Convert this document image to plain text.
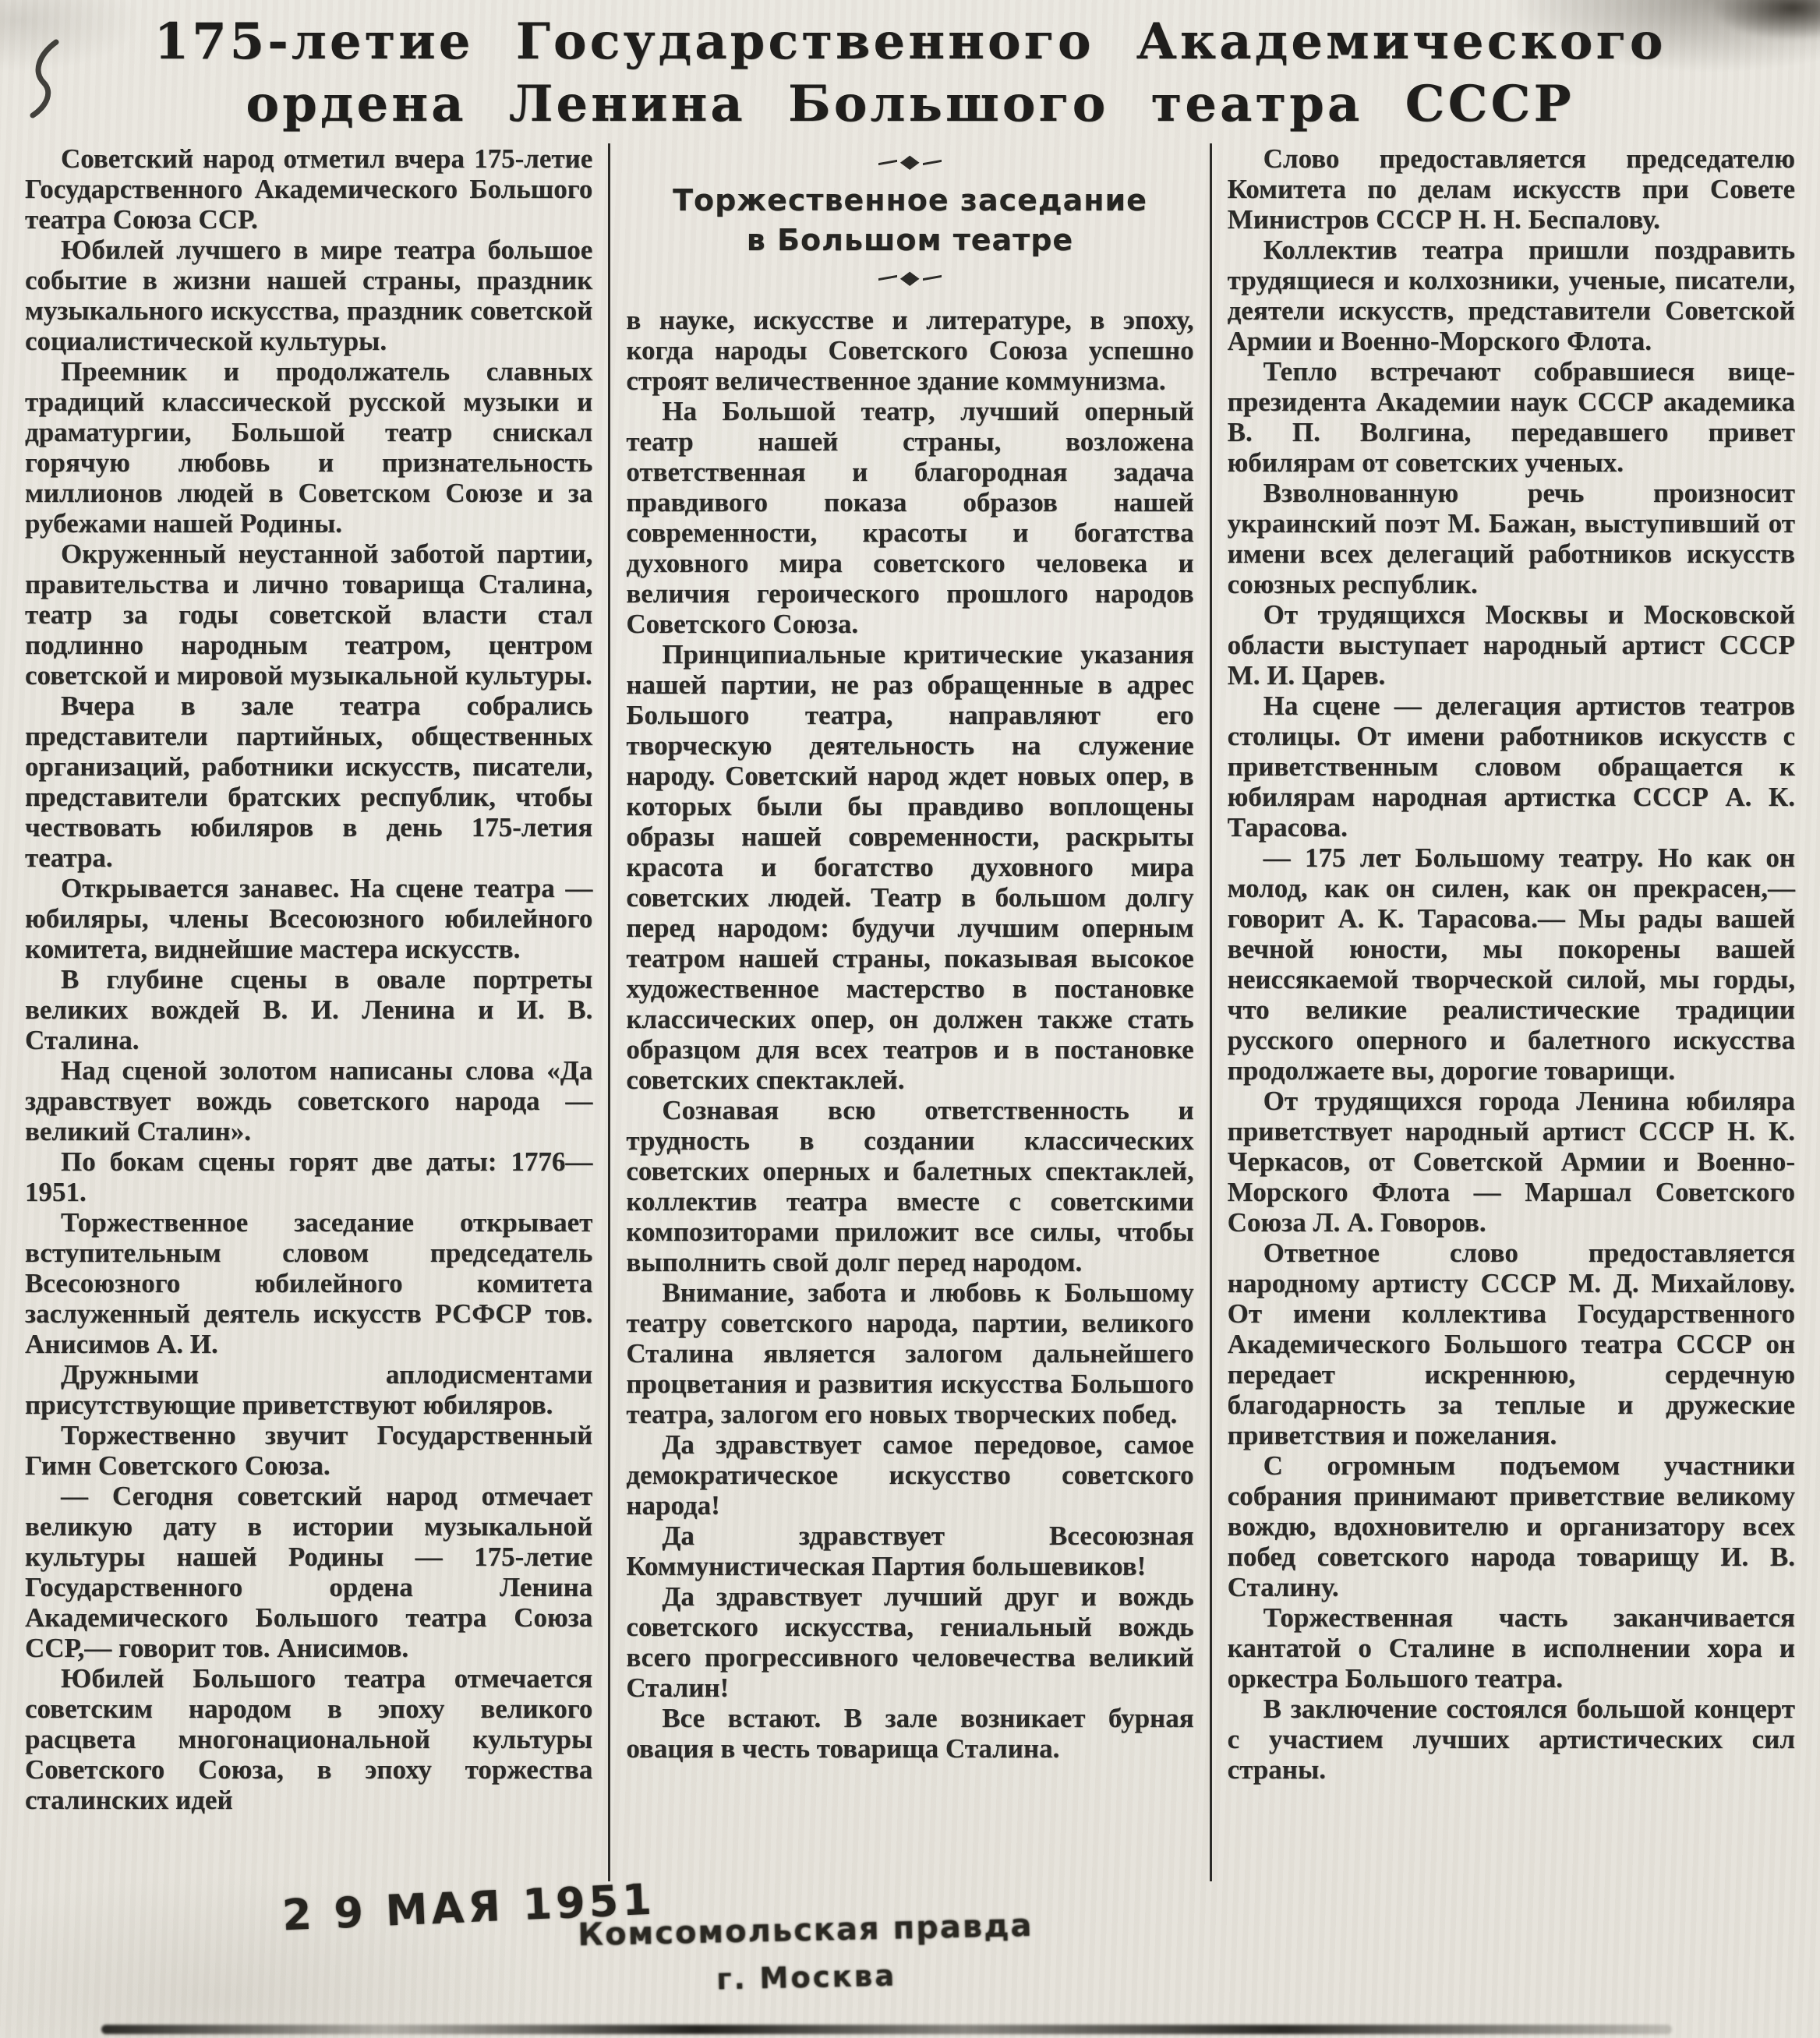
175-летие Государственного Академического
ордена Ленина Большого театра СССР

Советский народ отметил вчера 175-летие Государственного Академического Большого театра Союза ССР.

Юбилей лучшего в мире театра большое событие в жизни нашей страны, праздник музыкального искусства, праздник советской социалистической культуры.

Преемник и продолжатель славных традиций классической русской музыки и драматургии, Большой театр снискал горячую любовь и признательность миллионов людей в Советском Союзе и за рубежами нашей Родины.

Окруженный неустанной заботой партии, правительства и лично товарища Сталина, театр за годы советской власти стал подлинно народным театром, центром советской и мировой музыкальной культуры.

Вчера в зале театра собрались представители партийных, общественных организаций, работники искусств, писатели, представители братских республик, чтобы чествовать юбиляров в день 175-летия театра.

Открывается занавес. На сцене театра — юбиляры, члены Всесоюзного юбилейного комитета, виднейшие мастера искусств.

В глубине сцены в овале портреты великих вождей В. И. Ленина и И. В. Сталина.

Над сценой золотом написаны слова «Да здравствует вождь советского народа — великий Сталин».

По бокам сцены горят две даты: 1776—1951.

Торжественное заседание открывает вступительным словом председатель Всесоюзного юбилейного комитета заслуженный деятель искусств РСФСР тов. Анисимов А. И.

Дружными аплодисментами присутствующие приветствуют юбиляров.

Торжественно звучит Государственный Гимн Советского Союза.

— Сегодня советский народ отмечает великую дату в истории музыкальной культуры нашей Родины — 175-летие Государственного ордена Ленина Академического Большого театра Союза ССР,— говорит тов. Анисимов.

Юбилей Большого театра отмечается советским народом в эпоху великого расцвета многонациональной культуры Советского Союза, в эпоху торжества сталинских идей

◆
Торжественное заседание
в Большом театре
◆

в науке, искусстве и литературе, в эпоху, когда народы Советского Союза успешно строят величественное здание коммунизма.

На Большой театр, лучший оперный театр нашей страны, возложена ответственная и благородная задача правдивого показа образов нашей современности, красоты и богатства духовного мира советского человека и величия героического прошлого народов Советского Союза.

Принципиальные критические указания нашей партии, не раз обращенные в адрес Большого театра, направляют его творческую деятельность на служение народу. Советский народ ждет новых опер, в которых были бы правдиво воплощены образы нашей современности, раскрыты красота и богатство духовного мира советских людей. Театр в большом долгу перед народом: будучи лучшим оперным театром нашей страны, показывая высокое художественное мастерство в постановке классических опер, он должен также стать образцом для всех театров и в постановке советских спектаклей.

Сознавая всю ответственность и трудность в создании классических советских оперных и балетных спектаклей, коллектив театра вместе с советскими композиторами приложит все силы, чтобы выполнить свой долг перед народом.

Внимание, забота и любовь к Большому театру советского народа, партии, великого Сталина является залогом дальнейшего процветания и развития искусства Большого театра, залогом его новых творческих побед.

Да здравствует самое передовое, самое демократическое искусство советского народа!

Да здравствует Всесоюзная Коммунистическая Партия большевиков!

Да здравствует лучший друг и вождь советского искусства, гениальный вождь всего прогрессивного человечества великий Сталин!

Все встают. В зале возникает бурная овация в честь товарища Сталина.

Слово предоставляется председателю Комитета по делам искусств при Совете Министров СССР Н. Н. Беспалову.

Коллектив театра пришли поздравить трудящиеся и колхозники, ученые, писатели, деятели искусств, представители Советской Армии и Военно-Морского Флота.

Тепло встречают собравшиеся вице-президента Академии наук СССР академика В. П. Волгина, передавшего привет юбилярам от советских ученых.

Взволнованную речь произносит украинский поэт М. Бажан, выступивший от имени всех делегаций работников искусств союзных республик.

От трудящихся Москвы и Московской области выступает народный артист СССР М. И. Царев.

На сцене — делегация артистов театров столицы. От имени работников искусств с приветственным словом обращается к юбилярам народная артистка СССР А. К. Тарасова.

— 175 лет Большому театру. Но как он молод, как он силен, как он прекрасен,— говорит А. К. Тарасова.— Мы рады вашей вечной юности, мы покорены вашей неиссякаемой творческой силой, мы горды, что великие реалистические традиции русского оперного и балетного искусства продолжаете вы, дорогие товарищи.

От трудящихся города Ленина юбиляра приветствует народный артист СССР Н. К. Черкасов, от Советской Армии и Военно-Морского Флота — Маршал Советского Союза Л. А. Говоров.

Ответное слово предоставляется народному артисту СССР М. Д. Михайлову. От имени коллектива Государственного Академического Большого театра СССР он передает искреннюю, сердечную благодарность за теплые и дружеские приветствия и пожелания.

С огромным подъемом участники собрания принимают приветствие великому вождю, вдохновителю и организатору всех побед советского народа товарищу И. В. Сталину.

Торжественная часть заканчивается кантатой о Сталине в исполнении хора и оркестра Большого театра.

В заключение состоялся большой концерт с участием лучших артистических сил страны.

2 9 МАЯ 1951
Комсомольская правда
г. Москва
